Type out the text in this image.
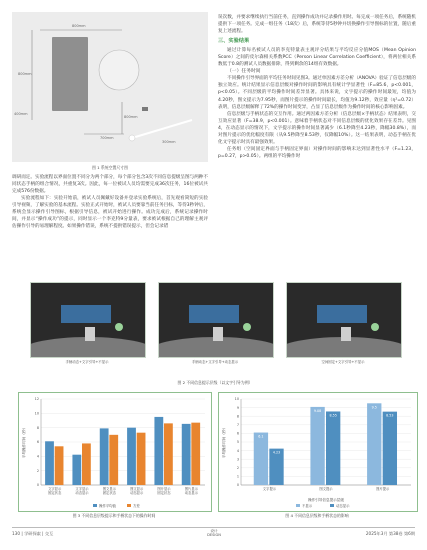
800mm
800mm
400mm
700mm
800mm
300mm
图 1 系统空置尺寸图

调研而定。实验流程以界面位置不同分为两个部分，每个部分包含3次不同信息提级呈图与两种不同状态手柄的组合情况，共重复3次。因此，每一位被试人员均需要完成36次任务，16位被试共完成576份数据。

实验流程如下：实验开始前，被试人员佩戴好设备并登录实验系统后，首先观看简短的实验引导视频，了解实验的基本流程。实验正式开始时，被试人员要靠当前任务目标，等待3秒钟后，系统会显示操作引导图标，根据引导信息，被试开始进行操作。成功完成后，系统记录操作时间，并显示“操作成功”的提示，同时显示一个李克特9分量表，要求被试根据自己的理解主观评估操作引导的易理解程度。如果操作错误，系统不提供错误提示，但会记录错

误次数，并要求继续执行当前任务，直到操作成功并记录操作用时。每完成一项任务后，系统随机提供下一项任务。完成一组任务（18次）后，系统等待5秒钟并切换操作引导图标的位置，随后重复上述流程。

三、实验结果

通过计算每名被试人员的李克特量表主观评分结果与平均反应分值MOS（Mean Opinion Score）之间的皮尔森相关系数PCC（Person Linear Correlation Coefficient），将两位相关系数低于0.8的测试人员数据排除，得到剩余的14组有效数据。

（一）任务时间

不同操作引导界面的平均任务时间见图3。通过单因素方差分析（ANOVA）验证了信息层级的独立效应。统计结果显示信息层级对操作时间的影响具有统计学显著性（F=85.6，p<0.001，p<0.05）。不同层级的平均操作时间差异显著。具体来说，文字提示的操作时间最短，均值为4.20秒，图文提示为7.95秒，而图片提示的操作时间最长，均值为9.12秒，效应量（η²=0.72）表明，信息层级解释了72%的操作时间变异，凸显了信息层级作为操作时间的核心影响因素。

信息层级与手柄状态的交互作用。通过两因素方差分析（信息层级×手柄状态）结果表明，交互效应显著（F=38.9，p<0.001）。意味着手柄状态对不同信息层级的优化效果存在差异。见图4，在动态显示的情况下，文字提示的操作时间显著减少（6.1秒降至4.23秒，降幅30.8%），而对图片提示的优化幅度有限（从9.5秒降至8.53秒，仅降幅10%）。这一结果表明，动态手柄在优化文字提示时具有最强效果。

任务组（空间固定界面与手柄固定界面）对操作时间的影响未达到显著性水平（F=1.23，p=0.27，p>0.05）。两组的平均操作时

手柄动态+文字引导+不显示	手柄动态+文字引导+动态显示	空间固定+文字引导+不显示
图 2 不同信息提示层级（以文字引导为例）
0
2
4
6
8
10
12
平均操作时间（秒）
文字显示
固定状态
文字显示
动态显示
图文显示
固定状态
图文显示
动态显示
图片显示
固定状态
图片显示
动态显示
操作平均值	方差
图 3 不同信息层级提示和手柄状态下的操作时间
0
1
2
3
4
5
6
7
8
9
10
平均操作时间（秒）	6.1
4.23
文字提示
9.08
8.55
图文提示
9.5
8.53
图片提示
操作引导信息提示层级
不显示	动态显示
图 4 不同信息层级和手柄状态的影响
130 | 学研探索 | 交互	设计
DESIGN	2025年3月 第38卷 第6期
